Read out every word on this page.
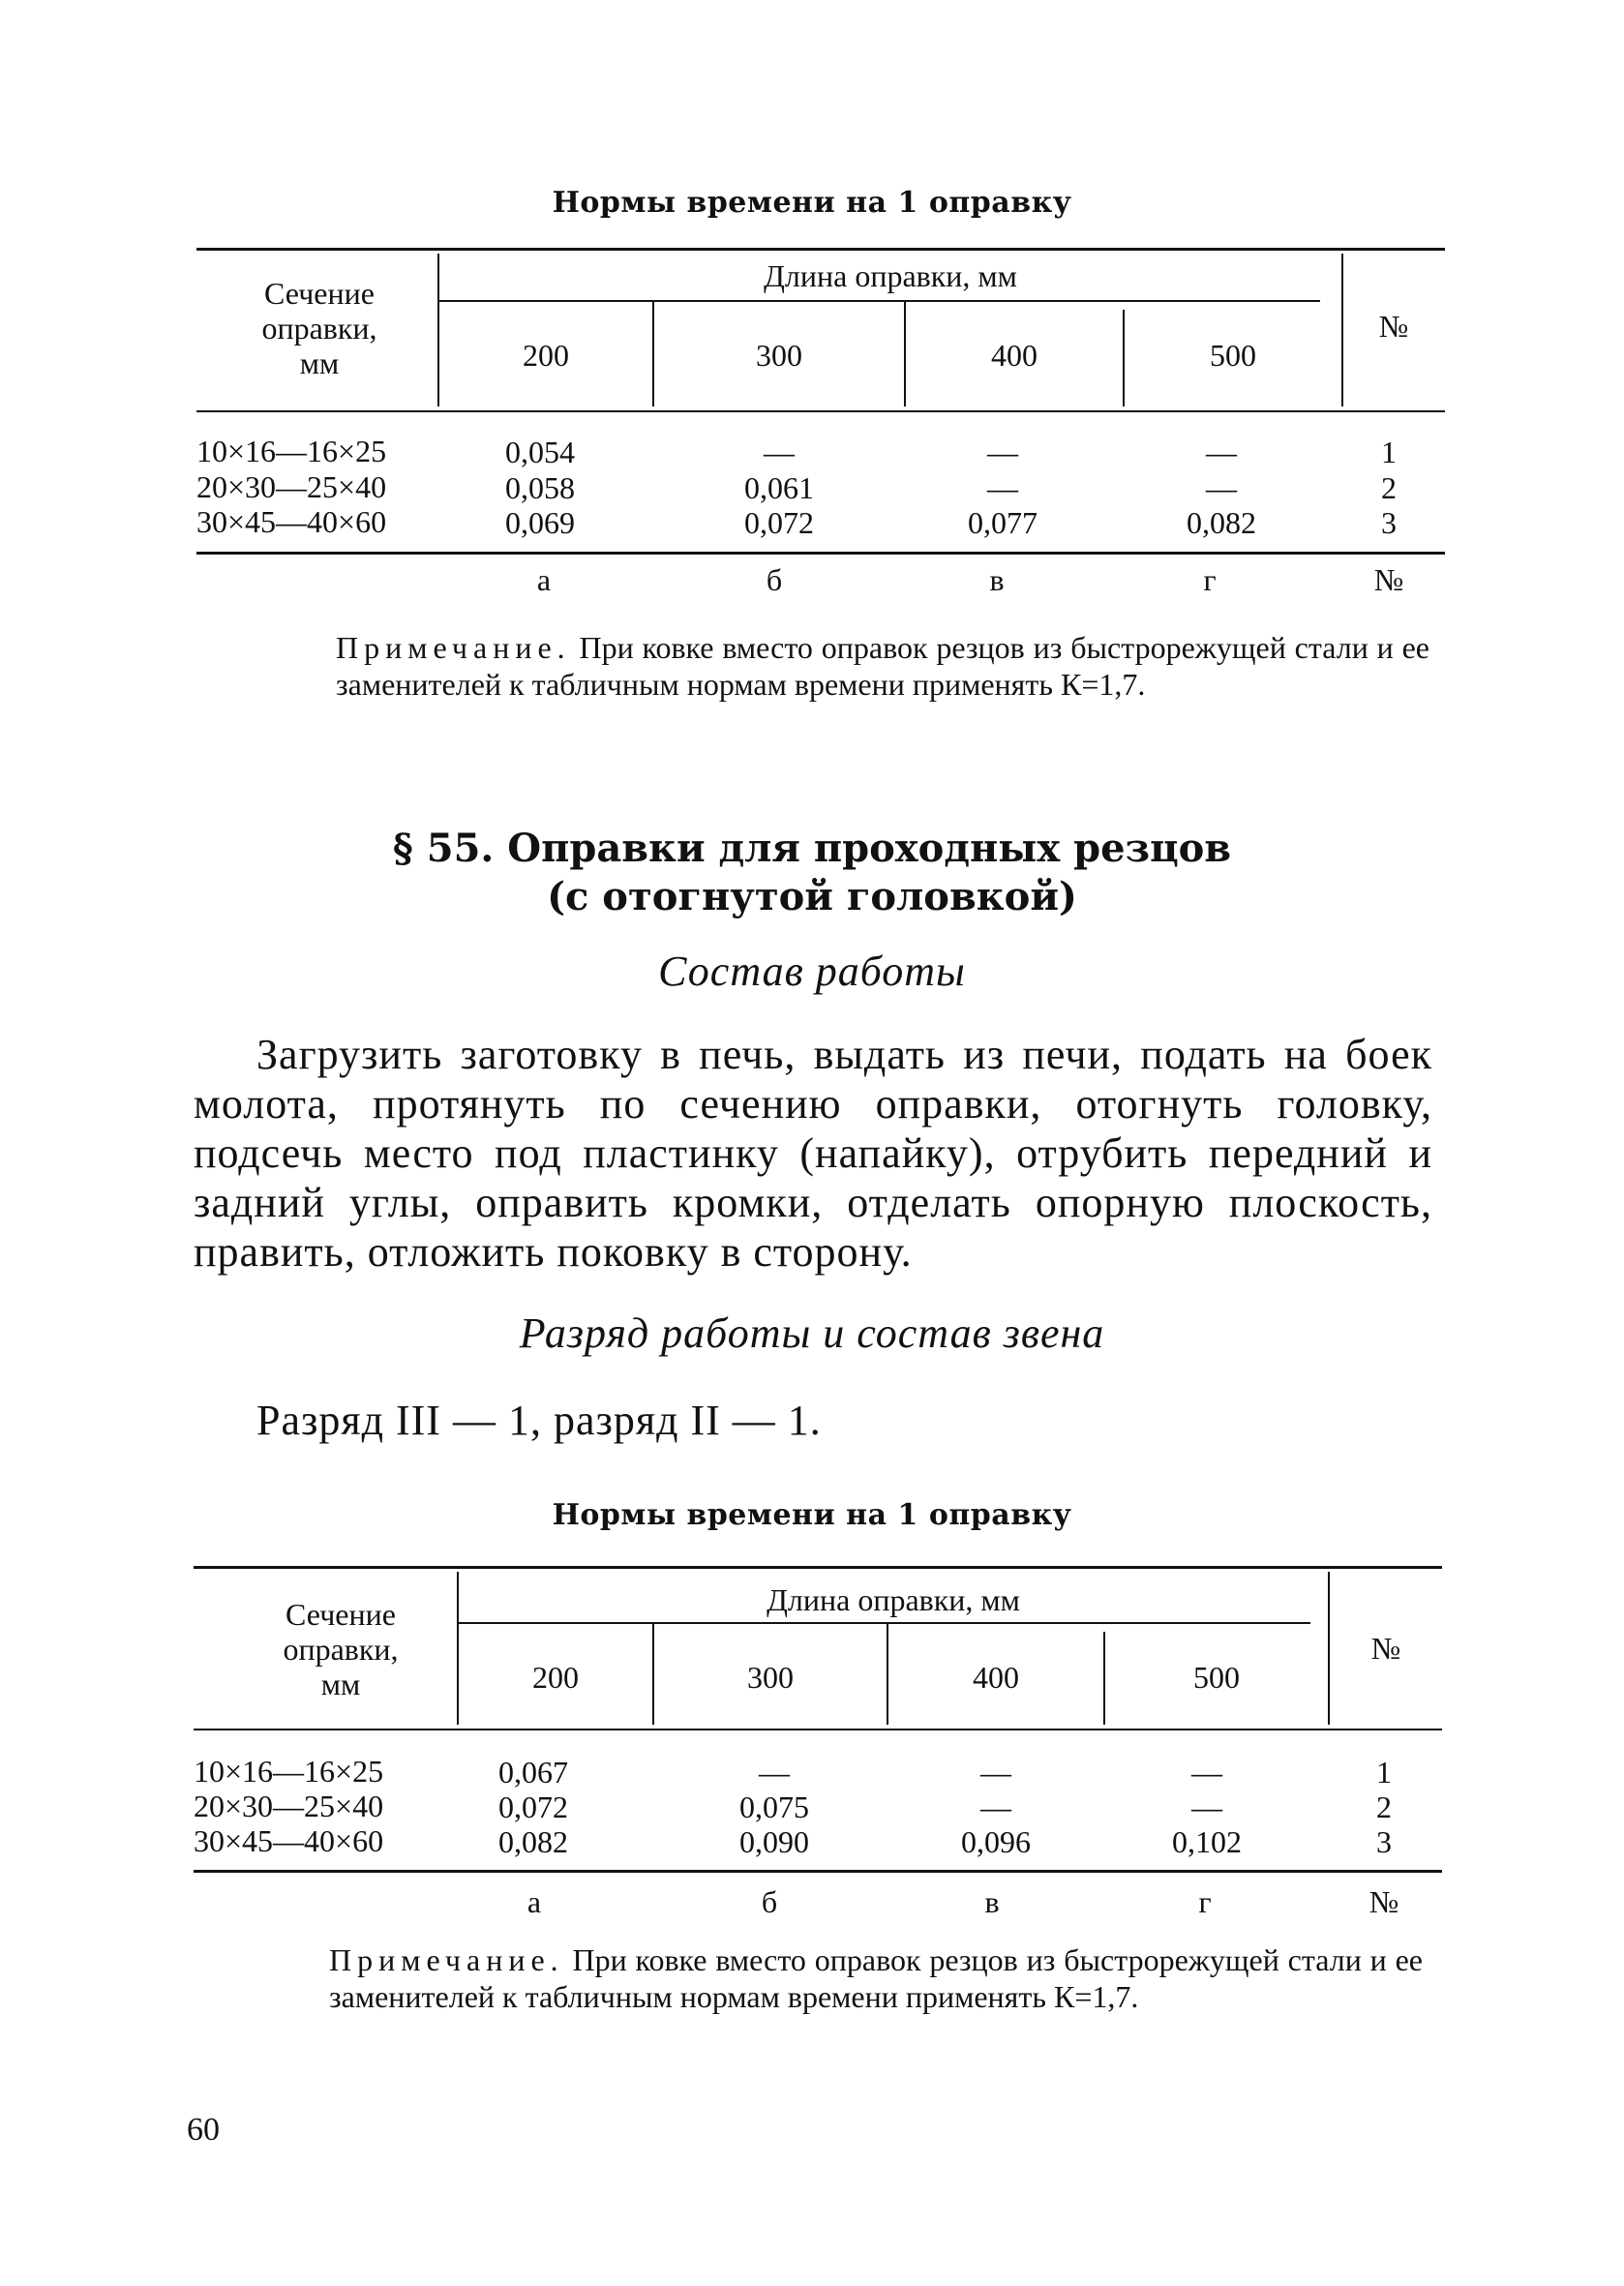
Нормы времени на 1 оправку
Сечение
оправки,
мм
Длина оправки, мм
200	300	400	500
№
10×16—16×25	0,054	—	—	—	1
20×30—25×40	0,058	0,061	—	—	2
30×45—40×60	0,069	0,072	0,077	0,082	3
а	б	в	г	№
Примечание. При ковке вместо оправок резцов из быстрорежущей стали и ее заменителей к табличным нормам времени применять К=1,7.
§ 55. Оправки для проходных резцов
(с отогнутой головкой)
Состав работы
Загрузить заготовку в печь, выдать из печи, подать на боек молота, протянуть по сечению оправки, отогнуть головку, подсечь место под пластинку (напайку), отрубить передний и задний углы, оправить кромки, отделать опорную плоскость, править, отложить поковку в сторону.
Разряд работы и состав звена
Разряд III — 1, разряд II — 1.
Нормы времени на 1 оправку
Сечение
оправки,
мм
Длина оправки, мм
200	300	400	500
№
10×16—16×25	0,067	—	—	—	1
20×30—25×40	0,072	0,075	—	—	2
30×45—40×60	0,082	0,090	0,096	0,102	3
а	б	в	г	№
Примечание. При ковке вместо оправок резцов из быстрорежущей стали и ее заменителей к табличным нормам времени применять К=1,7.
60
